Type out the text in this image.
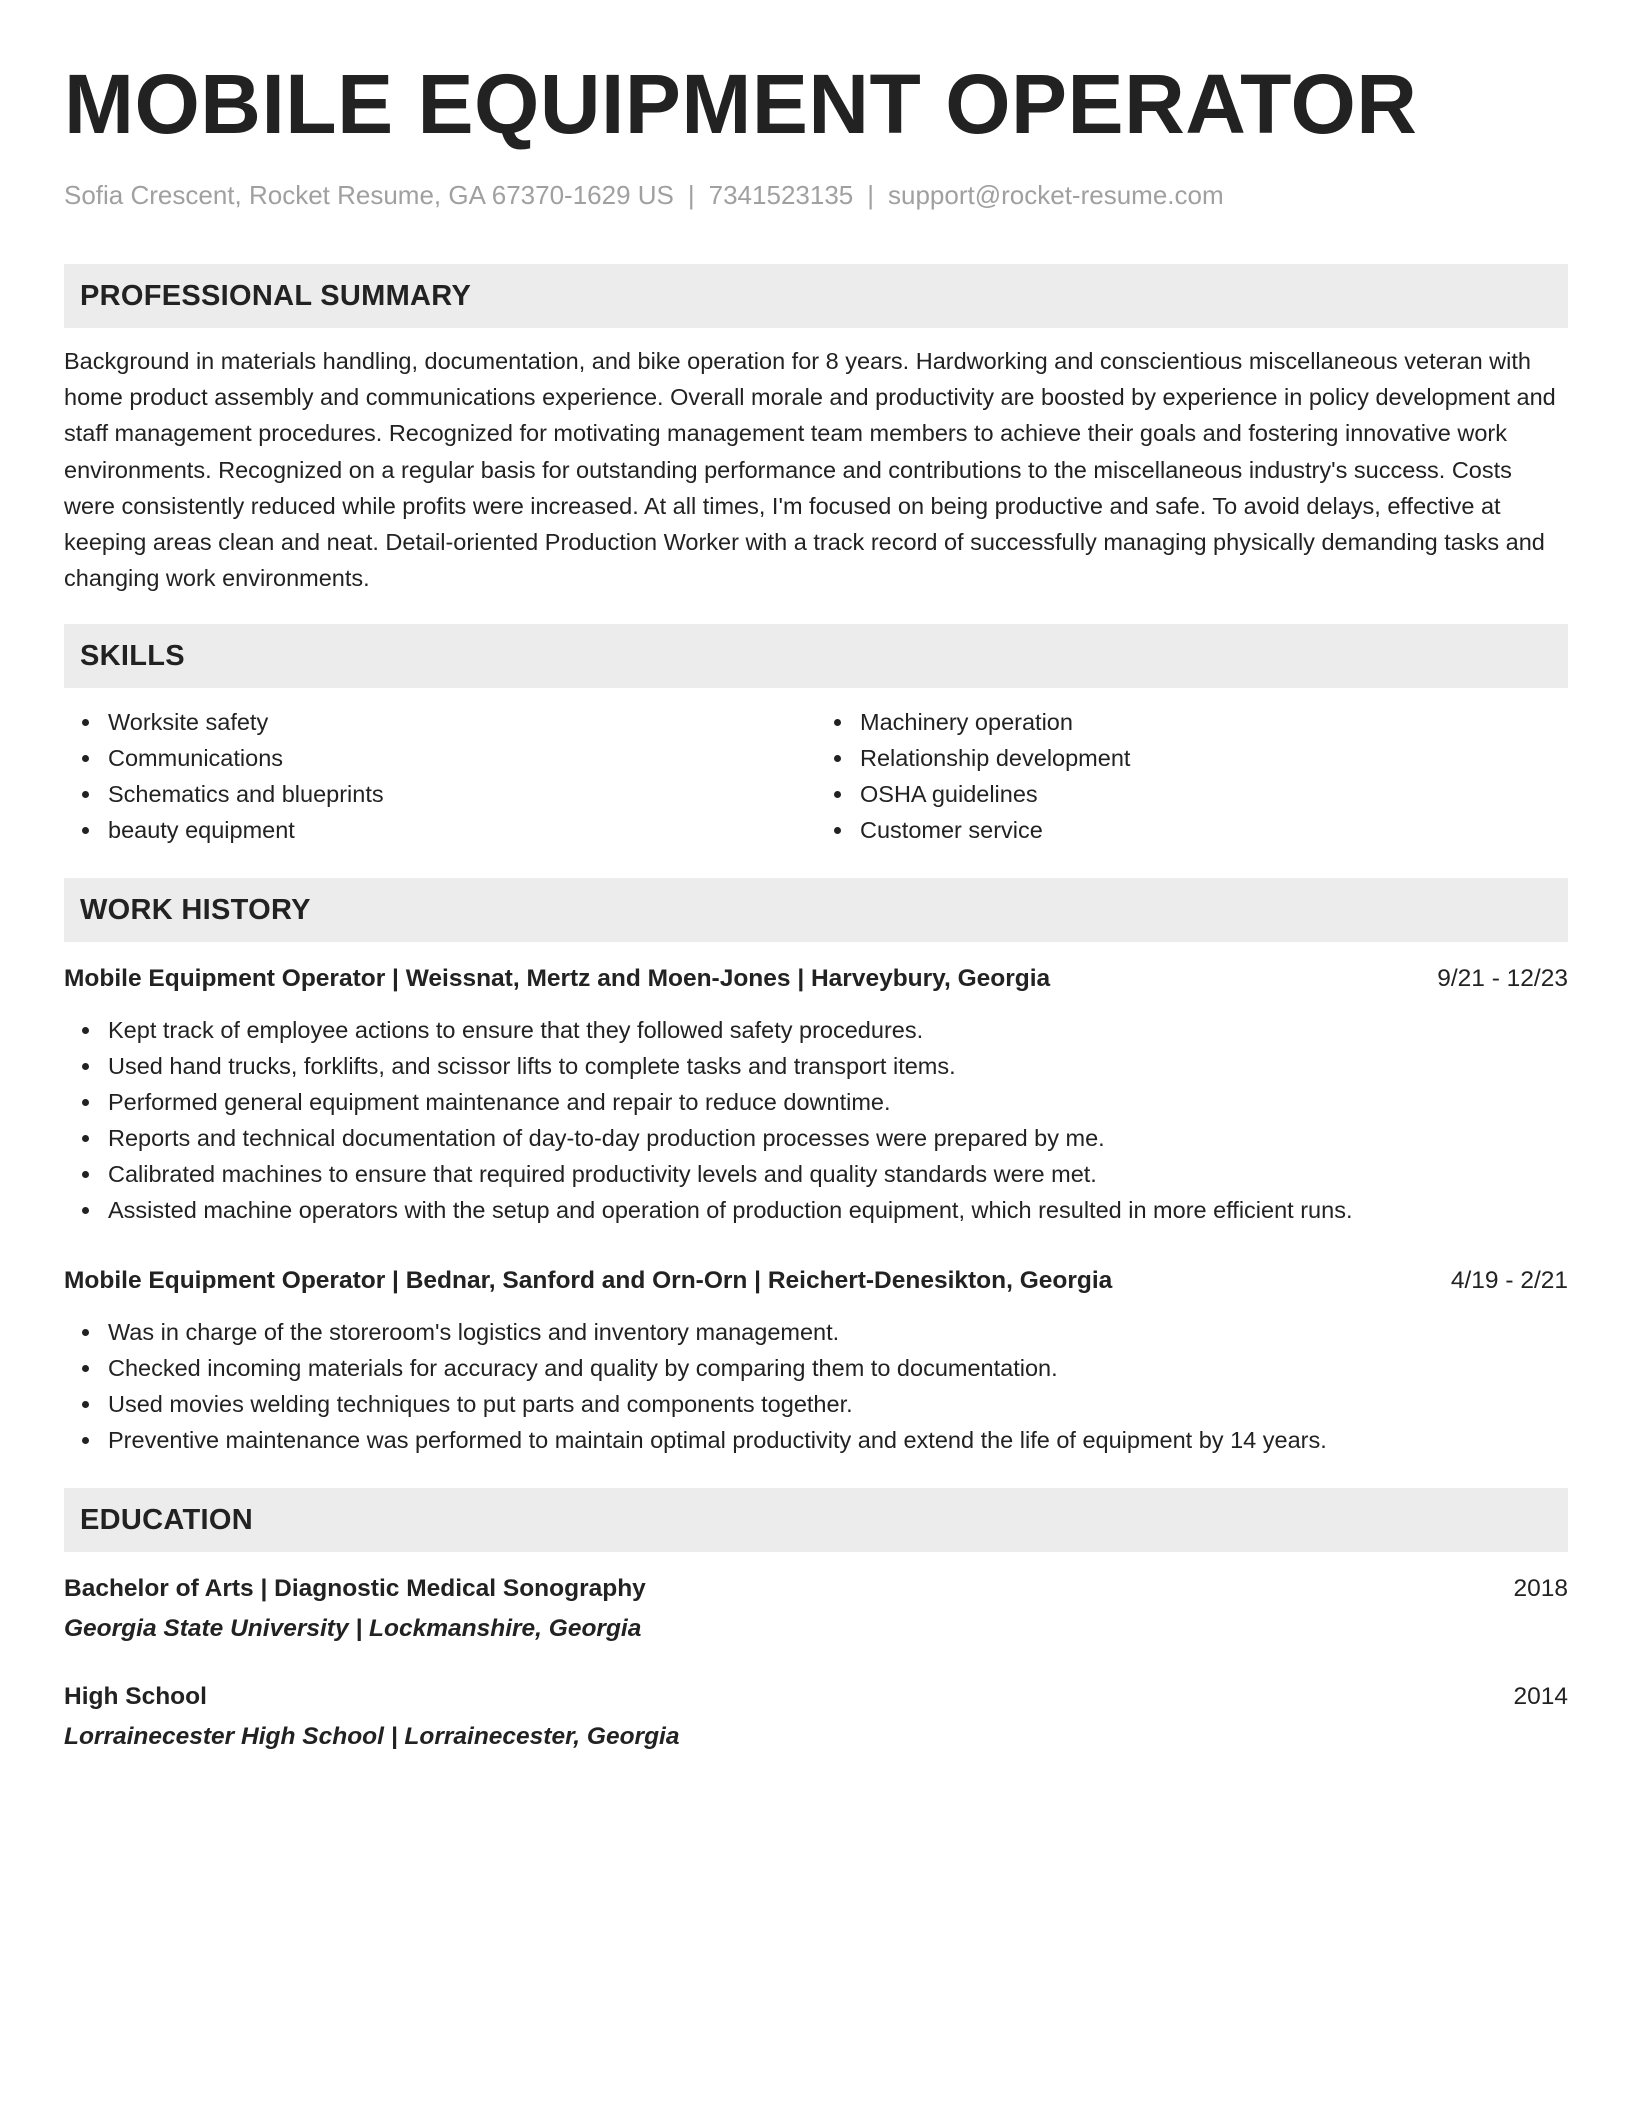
MOBILE EQUIPMENT OPERATOR
Sofia Crescent, Rocket Resume, GA 67370-1629 US | 7341523135 | support@rocket-resume.com
PROFESSIONAL SUMMARY

Background in materials handling, documentation, and bike operation for 8 years. Hardworking and conscientious miscellaneous veteran with home product assembly and communications experience. Overall morale and productivity are boosted by experience in policy development and staff management procedures. Recognized for motivating management team members to achieve their goals and fostering innovative work environments. Recognized on a regular basis for outstanding performance and contributions to the miscellaneous industry's success. Costs were consistently reduced while profits were increased. At all times, I'm focused on being productive and safe. To avoid delays, effective at keeping areas clean and neat. Detail-oriented Production Worker with a track record of successfully managing physically demanding tasks and changing work environments.

SKILLS
Worksite safety
Communications
Schematics and blueprints
beauty equipment
Machinery operation
Relationship development
OSHA guidelines
Customer service
WORK HISTORY
Mobile Equipment Operator | Weissnat, Mertz and Moen-Jones | Harveybury, Georgia	9/21 - 12/23
Kept track of employee actions to ensure that they followed safety procedures.
Used hand trucks, forklifts, and scissor lifts to complete tasks and transport items.
Performed general equipment maintenance and repair to reduce downtime.
Reports and technical documentation of day-to-day production processes were prepared by me.
Calibrated machines to ensure that required productivity levels and quality standards were met.
Assisted machine operators with the setup and operation of production equipment, which resulted in more efficient runs.
Mobile Equipment Operator | Bednar, Sanford and Orn-Orn | Reichert-Denesikton, Georgia	4/19 - 2/21
Was in charge of the storeroom's logistics and inventory management.
Checked incoming materials for accuracy and quality by comparing them to documentation.
Used movies welding techniques to put parts and components together.
Preventive maintenance was performed to maintain optimal productivity and extend the life of equipment by 14 years.
EDUCATION
Bachelor of Arts | Diagnostic Medical Sonography	2018
Georgia State University | Lockmanshire, Georgia
High School	2014
Lorrainecester High School | Lorrainecester, Georgia
